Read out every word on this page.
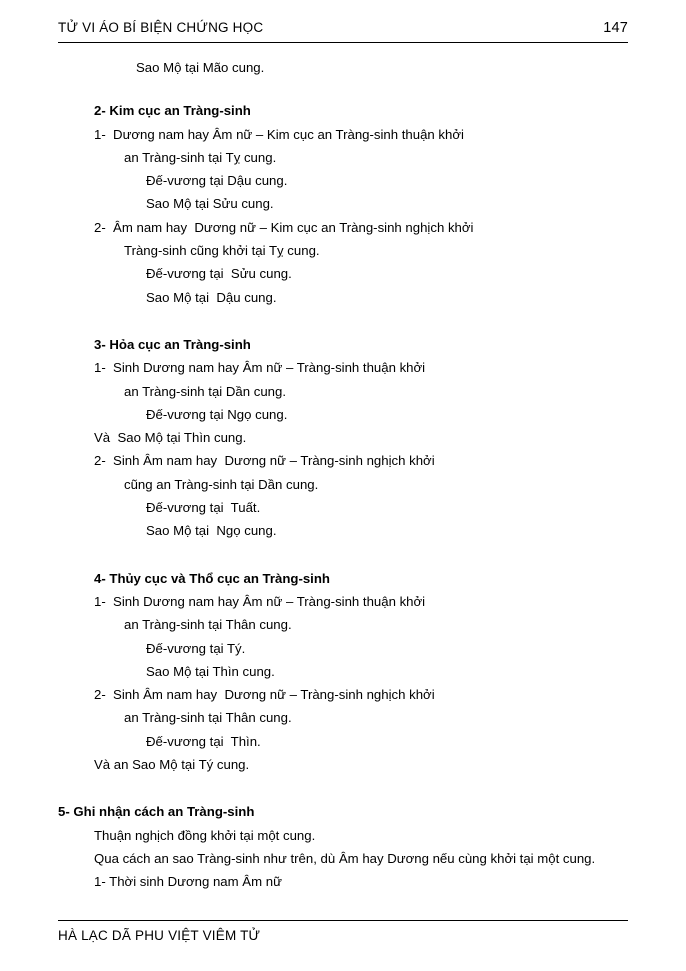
TỬ VI ÁO BÍ BIỆN CHỨNG HỌC	147

Sao Mộ tại Mão cung.

2- Kim cục an Tràng-sinh

1-  Dương nam hay Âm nữ – Kim cục an Tràng-sinh thuận khởi

an Tràng-sinh tại Tỵ cung.

Đế-vương tại Dậu cung.

Sao Mộ tại Sửu cung.

2-  Âm nam hay  Dương nữ – Kim cục an Tràng-sinh nghịch khởi

Tràng-sinh cũng khởi tại Tỵ cung.

Đế-vương tại  Sửu cung.

Sao Mộ tại  Dậu cung.

3- Hỏa cục an Tràng-sinh

1-  Sinh Dương nam hay Âm nữ – Tràng-sinh thuận khởi

an Tràng-sinh tại Dần cung.

Đế-vương tại Ngọ cung.

Và  Sao Mộ tại Thìn cung.

2-  Sinh Âm nam hay  Dương nữ – Tràng-sinh nghịch khởi

cũng an Tràng-sinh tại Dần cung.

Đế-vương tại  Tuất.

Sao Mộ tại  Ngọ cung.

4- Thủy cục và Thổ cục an Tràng-sinh

1-  Sinh Dương nam hay Âm nữ – Tràng-sinh thuận khởi

an Tràng-sinh tại Thân cung.

Đế-vương tại Tý.

Sao Mộ tại Thìn cung.

2-  Sinh Âm nam hay  Dương nữ – Tràng-sinh nghịch khởi

an Tràng-sinh tại Thân cung.

Đế-vương tại  Thìn.

Và an Sao Mộ tại Tý cung.

5- Ghi nhận cách an Tràng-sinh

Thuận nghịch đồng khởi tại một cung.

Qua cách an sao Tràng-sinh như trên, dù Âm hay Dương nếu cùng khởi tại một cung.

1- Thời sinh Dương nam Âm nữ

HÀ LẠC DÃ PHU VIỆT VIÊM TỬ
